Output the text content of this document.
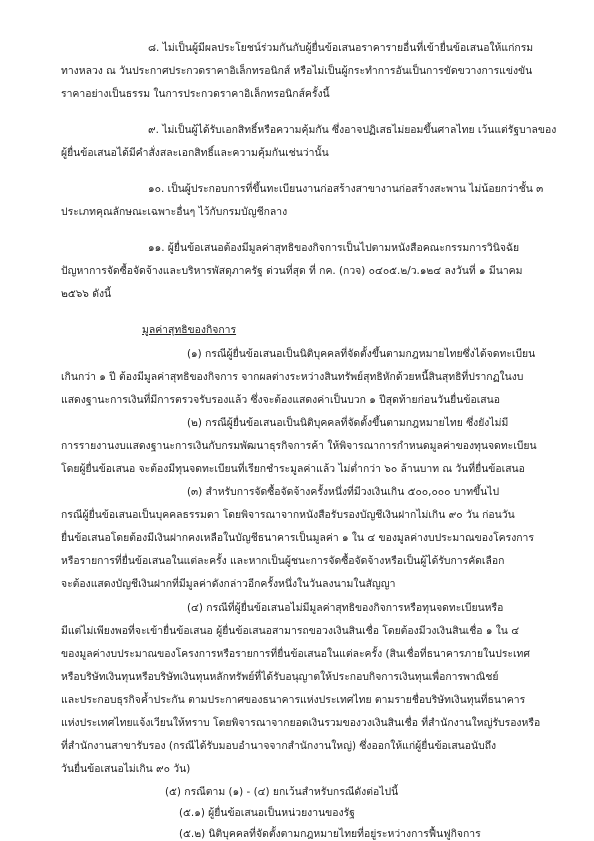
๘. ไม่เป็นผู้มีผลประโยชน์ร่วมกันกับผู้ยื่นข้อเสนอราคารายอื่นที่เข้ายื่นข้อเสนอให้แก่กรม
ทางหลวง ณ วันประกาศประกวดราคาอิเล็กทรอนิกส์ หรือไม่เป็นผู้กระทำการอันเป็นการขัดขวางการแข่งขัน
ราคาอย่างเป็นธรรม ในการประกวดราคาอิเล็กทรอนิกส์ครั้งนี้
๙. ไม่เป็นผู้ได้รับเอกสิทธิ์หรือความคุ้มกัน ซึ่งอาจปฏิเสธไม่ยอมขึ้นศาลไทย เว้นแต่รัฐบาลของ
ผู้ยื่นข้อเสนอได้มีคำสั่งสละเอกสิทธิ์และความคุ้มกันเช่นว่านั้น
๑๐. เป็นผู้ประกอบการที่ขึ้นทะเบียนงานก่อสร้างสาขางานก่อสร้างสะพาน ไม่น้อยกว่าชั้น ๓
ประเภทคุณลักษณะเฉพาะอื่นๆ ไว้กับกรมบัญชีกลาง
๑๑. ผู้ยื่นข้อเสนอต้องมีมูลค่าสุทธิของกิจการเป็นไปตามหนังสือคณะกรรมการวินิจฉัย
ปัญหาการจัดซื้อจัดจ้างและบริหารพัสดุภาครัฐ ด่วนที่สุด ที่ กค. (กวจ) ๐๔๐๕.๒/ว.๑๒๔ ลงวันที่ ๑ มีนาคม
๒๕๖๖ ดังนี้
มูลค่าสุทธิของกิจการ
(๑) กรณีผู้ยื่นข้อเสนอเป็นนิติบุคคลที่จัดตั้งขึ้นตามกฎหมายไทยซึ่งได้จดทะเบียน
เกินกว่า ๑ ปี ต้องมีมูลค่าสุทธิของกิจการ จากผลต่างระหว่างสินทรัพย์สุทธิหักด้วยหนี้สินสุทธิที่ปรากฏในงบ
แสดงฐานะการเงินที่มีการตรวจรับรองแล้ว ซึ่งจะต้องแสดงค่าเป็นบวก ๑ ปีสุดท้ายก่อนวันยื่นข้อเสนอ
(๒) กรณีผู้ยื่นข้อเสนอเป็นนิติบุคคลที่จัดตั้งขึ้นตามกฎหมายไทย ซึ่งยังไม่มี
การรายงานงบแสดงฐานะการเงินกับกรมพัฒนาธุรกิจการค้า ให้พิจารณาการกำหนดมูลค่าของทุนจดทะเบียน
โดยผู้ยื่นข้อเสนอ จะต้องมีทุนจดทะเบียนที่เรียกชำระมูลค่าแล้ว ไม่ต่ำกว่า ๖๐ ล้านบาท ณ วันที่ยื่นข้อเสนอ
(๓) สำหรับการจัดซื้อจัดจ้างครั้งหนึ่งที่มีวงเงินเกิน ๕๐๐,๐๐๐ บาทขึ้นไป
กรณีผู้ยื่นข้อเสนอเป็นบุคคลธรรมดา โดยพิจารณาจากหนังสือรับรองบัญชีเงินฝากไม่เกิน ๙๐ วัน ก่อนวัน
ยื่นข้อเสนอโดยต้องมีเงินฝากคงเหลือในบัญชีธนาคารเป็นมูลค่า ๑ ใน ๔ ของมูลค่างบประมาณของโครงการ
หรือรายการที่ยื่นข้อเสนอในแต่ละครั้ง และหากเป็นผู้ชนะการจัดซื้อจัดจ้างหรือเป็นผู้ได้รับการคัดเลือก
จะต้องแสดงบัญชีเงินฝากที่มีมูลค่าดังกล่าวอีกครั้งหนึ่งในวันลงนามในสัญญา
(๔) กรณีที่ผู้ยื่นข้อเสนอไม่มีมูลค่าสุทธิของกิจการหรือทุนจดทะเบียนหรือ
มีแต่ไม่เพียงพอที่จะเข้ายื่นข้อเสนอ ผู้ยื่นข้อเสนอสามารถขอวงเงินสินเชื่อ โดยต้องมีวงเงินสินเชื่อ ๑ ใน ๔
ของมูลค่างบประมาณของโครงการหรือรายการที่ยื่นข้อเสนอในแต่ละครั้ง (สินเชื่อที่ธนาคารภายในประเทศ
หรือบริษัทเงินทุนหรือบริษัทเงินทุนหลักทรัพย์ที่ได้รับอนุญาตให้ประกอบกิจการเงินทุนเพื่อการพาณิชย์
และประกอบธุรกิจค้ำประกัน ตามประกาศของธนาคารแห่งประเทศไทย ตามรายชื่อบริษัทเงินทุนที่ธนาคาร
แห่งประเทศไทยแจ้งเวียนให้ทราบ โดยพิจารณาจากยอดเงินรวมของวงเงินสินเชื่อ ที่สำนักงานใหญ่รับรองหรือ
ที่สำนักงานสาขารับรอง (กรณีได้รับมอบอำนาจจากสำนักงานใหญ่) ซึ่งออกให้แก่ผู้ยื่นข้อเสนอนับถึง
วันยื่นข้อเสนอไม่เกิน ๙๐ วัน)
(๕) กรณีตาม (๑) - (๔) ยกเว้นสำหรับกรณีดังต่อไปนี้
(๕.๑) ผู้ยื่นข้อเสนอเป็นหน่วยงานของรัฐ
(๕.๒) นิติบุคคลที่จัดตั้งตามกฎหมายไทยที่อยู่ระหว่างการฟื้นฟูกิจการ
